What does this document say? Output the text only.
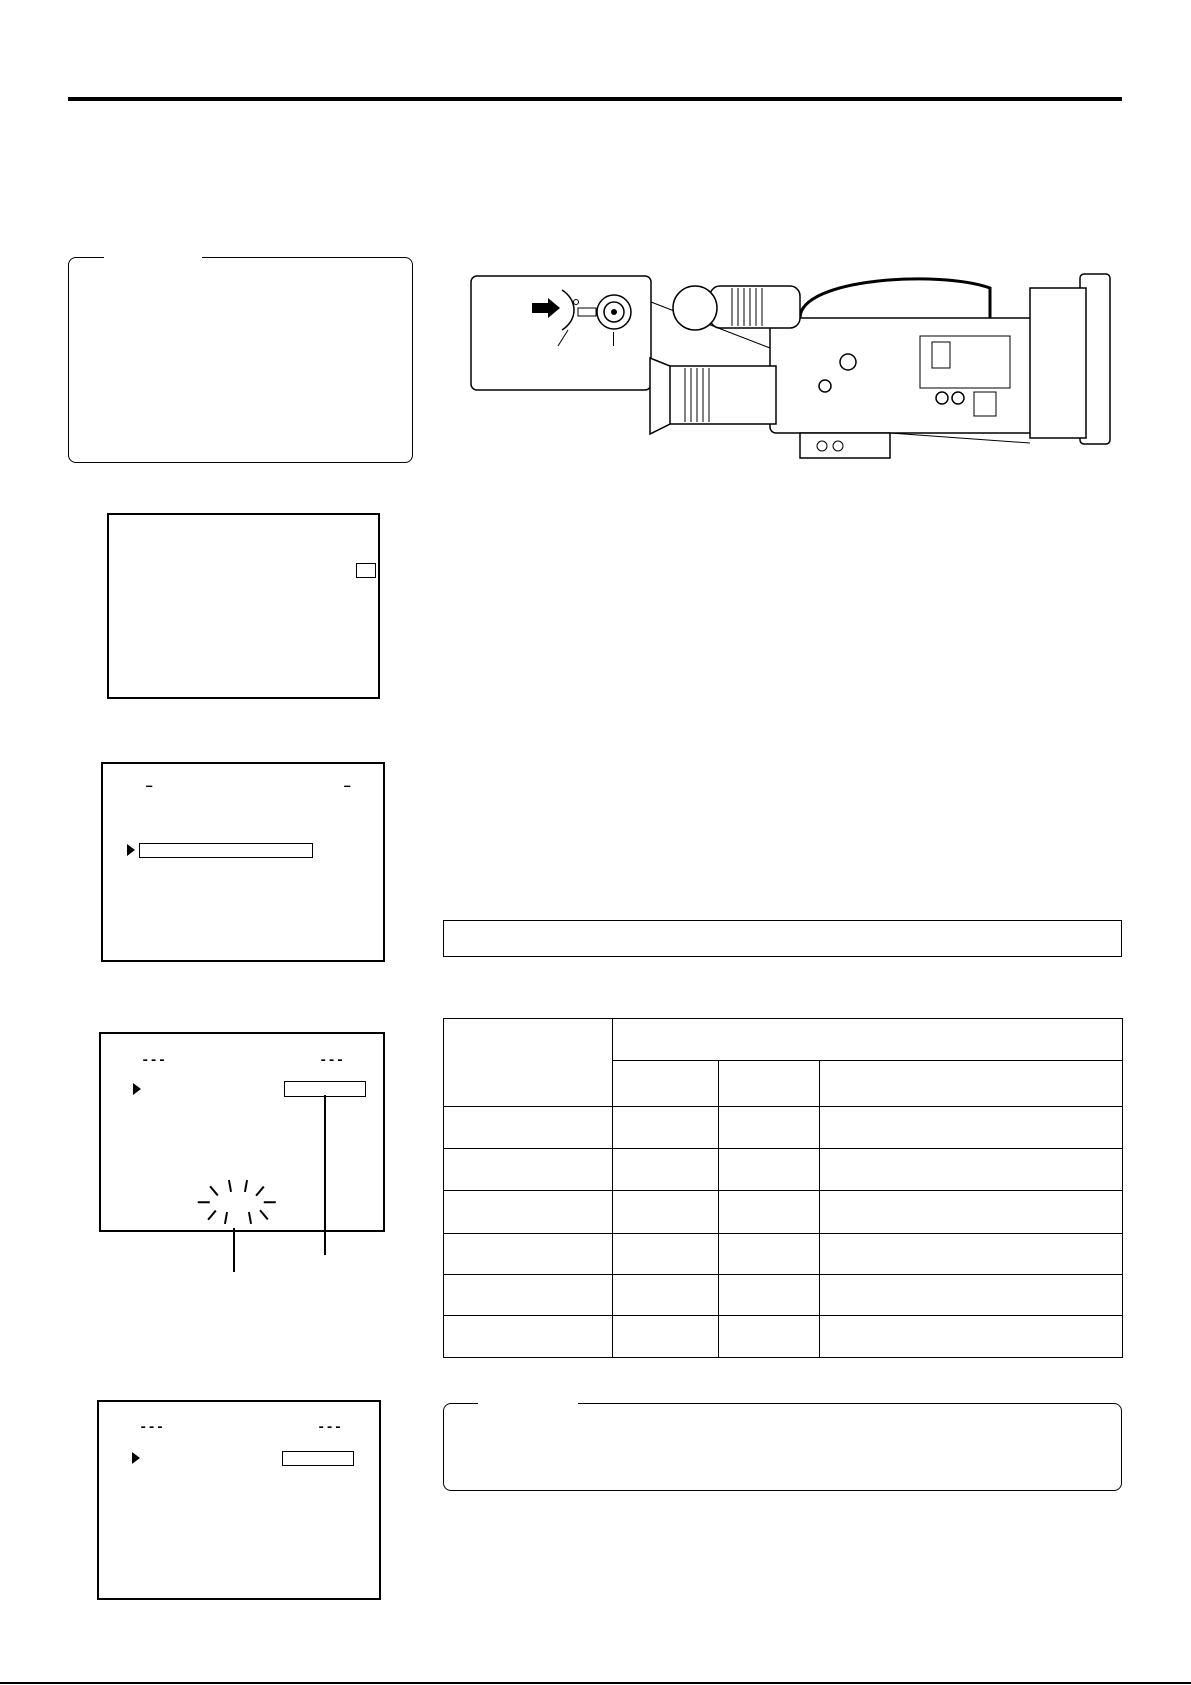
–	–
---	---
---	---
